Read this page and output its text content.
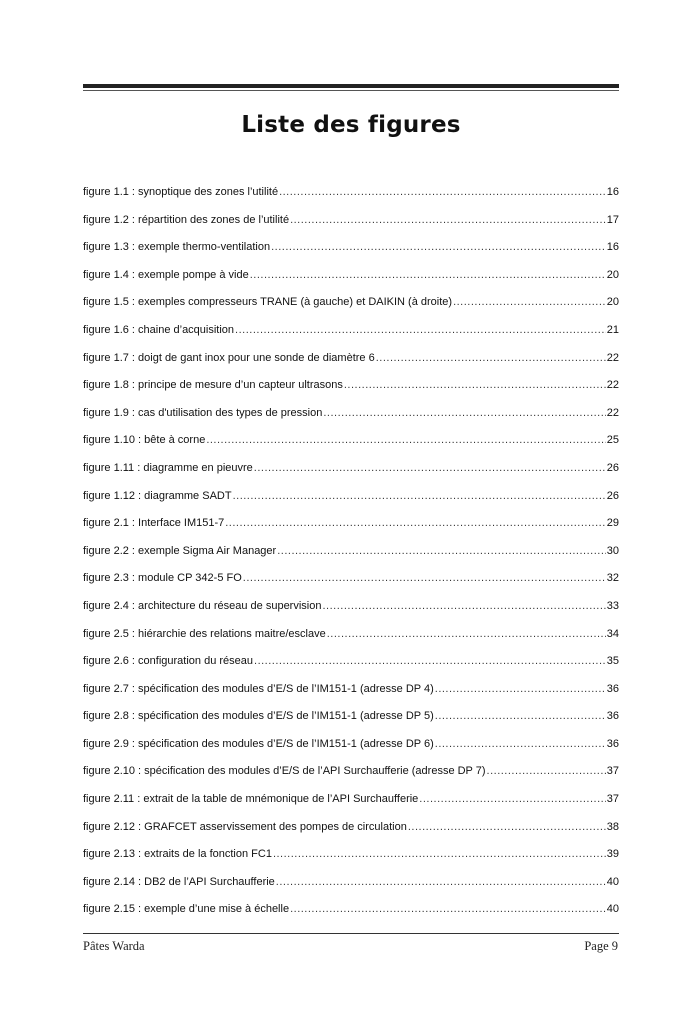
Liste des figures
figure 1.1 : synoptique des zones l’utilité .....	16
figure 1.2 : répartition des zones de l’utilité .....	17
figure 1.3 : exemple thermo-ventilation .....	16
figure 1.4 : exemple pompe à vide .....	20
figure 1.5 : exemples compresseurs TRANE (à gauche) et DAIKIN (à droite) .....	20
figure 1.6 : chaine d’acquisition .....	21
figure 1.7 : doigt de gant inox pour une sonde de diamètre 6 .....	22
figure 1.8 : principe de mesure d’un capteur ultrasons .....	22
figure 1.9 : cas d'utilisation des types de pression .....	22
figure 1.10 : bête à corne .....	25
figure 1.11 : diagramme en pieuvre .....	26
figure 1.12 : diagramme SADT .....	26
figure 2.1 : Interface IM151-7 .....	29
figure 2.2 : exemple Sigma Air Manager .....	30
figure 2.3 : module CP 342-5 FO .....	32
figure 2.4 : architecture du réseau de supervision .....	33
figure 2.5 : hiérarchie des relations maitre/esclave .....	34
figure 2.6 : configuration du réseau .....	35
figure 2.7 : spécification des modules d’E/S de l’IM151-1 (adresse DP 4) .....	36
figure 2.8 : spécification des modules d’E/S de l’IM151-1 (adresse DP 5) .....	36
figure 2.9 : spécification des modules d’E/S de l’IM151-1 (adresse DP 6) .....	36
figure 2.10 : spécification des modules d’E/S de l’API Surchaufferie (adresse DP 7) .....	37
figure 2.11 : extrait de la table de mnémonique de l’API Surchaufferie .....	37
figure 2.12 : GRAFCET asservissement des pompes de circulation .....	38
figure 2.13 : extraits de la fonction FC1 .....	39
figure 2.14 : DB2 de l’API Surchaufferie .....	40
figure 2.15 : exemple d’une mise à échelle .....	40
Pâtes Warda	Page 9
